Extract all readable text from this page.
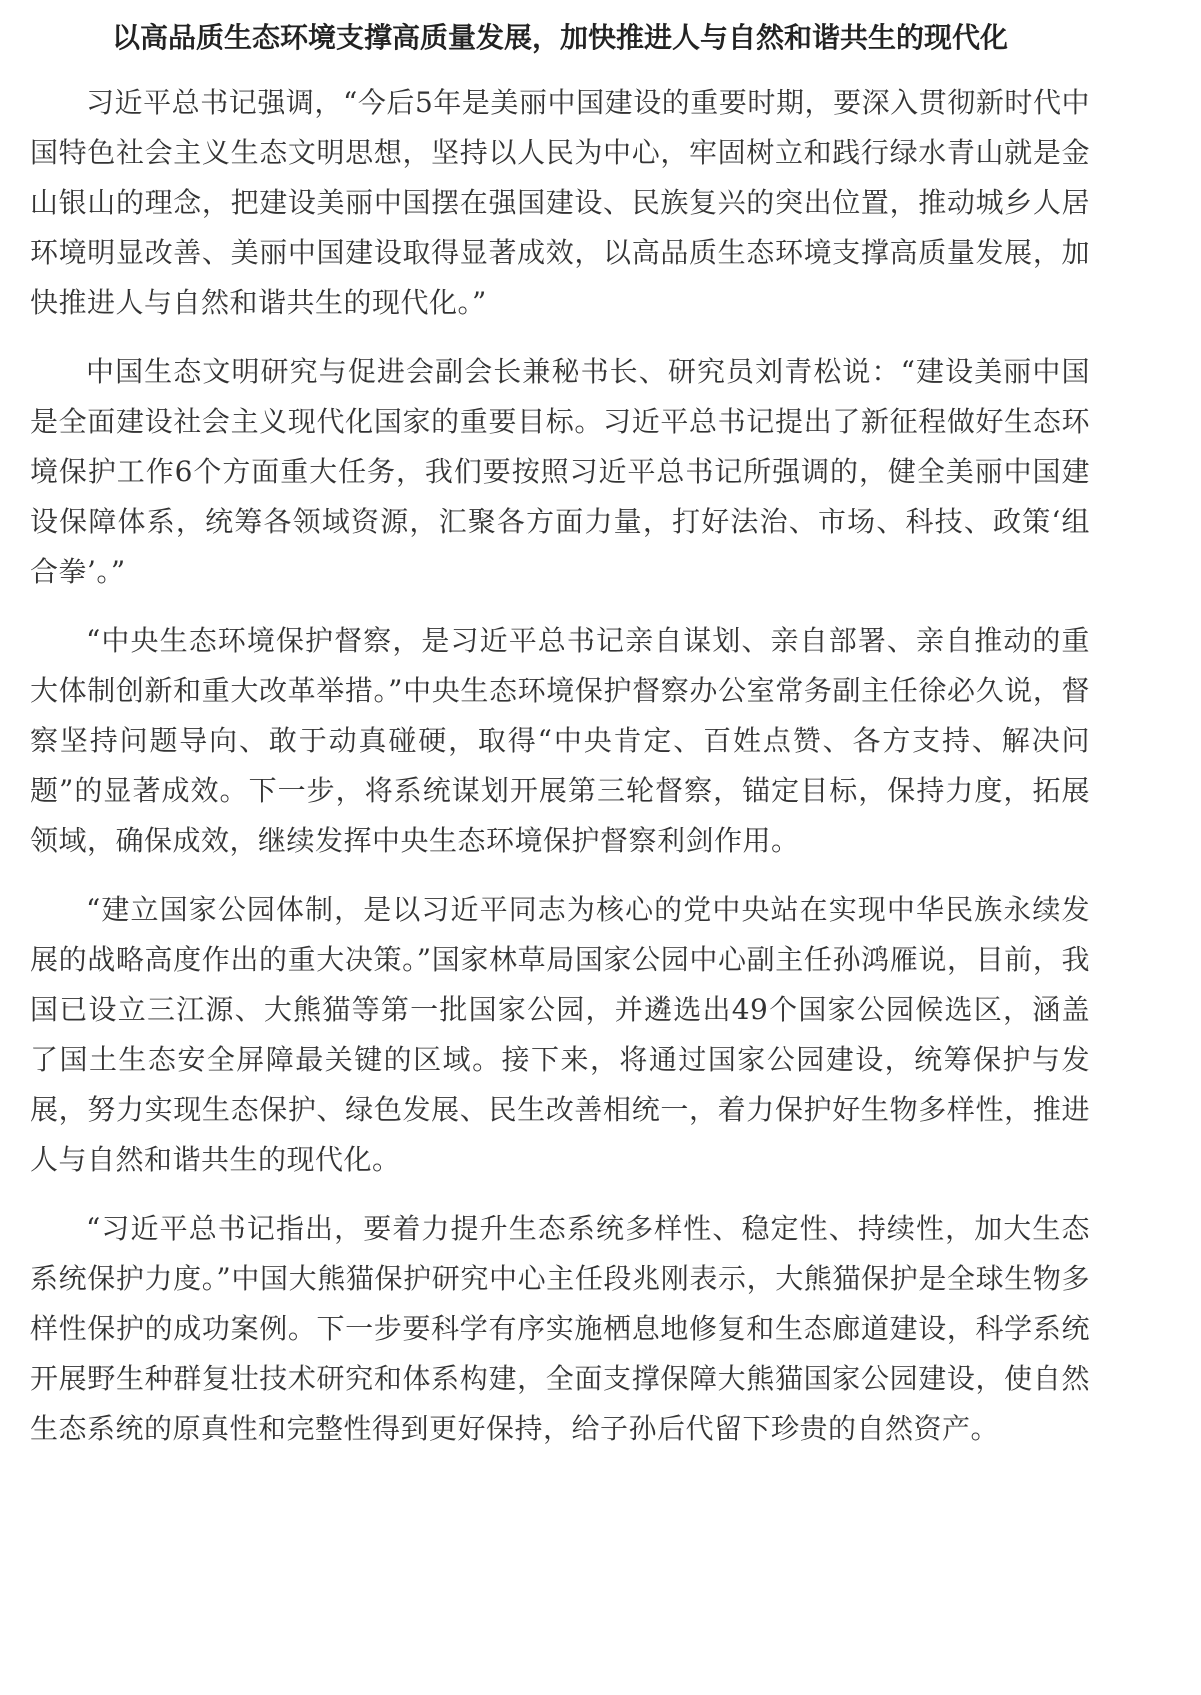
以高品质生态环境支撑高质量发展，加快推进人与自然和谐共生的现代化

习近平总书记强调，“今后5年是美丽中国建设的重要时期，要深入贯彻新时代中国特色社会主义生态文明思想，坚持以人民为中心，牢固树立和践行绿水青山就是金山银山的理念，把建设美丽中国摆在强国建设、民族复兴的突出位置，推动城乡人居环境明显改善、美丽中国建设取得显著成效，以高品质生态环境支撑高质量发展，加快推进人与自然和谐共生的现代化。”

中国生态文明研究与促进会副会长兼秘书长、研究员刘青松说：“建设美丽中国是全面建设社会主义现代化国家的重要目标。习近平总书记提出了新征程做好生态环境保护工作6个方面重大任务，我们要按照习近平总书记所强调的，健全美丽中国建设保障体系，统筹各领域资源，汇聚各方面力量，打好法治、市场、科技、政策‘组合拳’。”

“中央生态环境保护督察，是习近平总书记亲自谋划、亲自部署、亲自推动的重大体制创新和重大改革举措。”中央生态环境保护督察办公室常务副主任徐必久说，督察坚持问题导向、敢于动真碰硬，取得“中央肯定、百姓点赞、各方支持、解决问题”的显著成效。下一步，将系统谋划开展第三轮督察，锚定目标，保持力度，拓展领域，确保成效，继续发挥中央生态环境保护督察利剑作用。

“建立国家公园体制，是以习近平同志为核心的党中央站在实现中华民族永续发展的战略高度作出的重大决策。”国家林草局国家公园中心副主任孙鸿雁说，目前，我国已设立三江源、大熊猫等第一批国家公园，并遴选出49个国家公园候选区，涵盖了国土生态安全屏障最关键的区域。接下来，将通过国家公园建设，统筹保护与发展，努力实现生态保护、绿色发展、民生改善相统一，着力保护好生物多样性，推进人与自然和谐共生的现代化。

“习近平总书记指出，要着力提升生态系统多样性、稳定性、持续性，加大生态系统保护力度。”中国大熊猫保护研究中心主任段兆刚表示，大熊猫保护是全球生物多样性保护的成功案例。下一步要科学有序实施栖息地修复和生态廊道建设，科学系统开展野生种群复壮技术研究和体系构建，全面支撑保障大熊猫国家公园建设，使自然生态系统的原真性和完整性得到更好保持，给子孙后代留下珍贵的自然资产。
